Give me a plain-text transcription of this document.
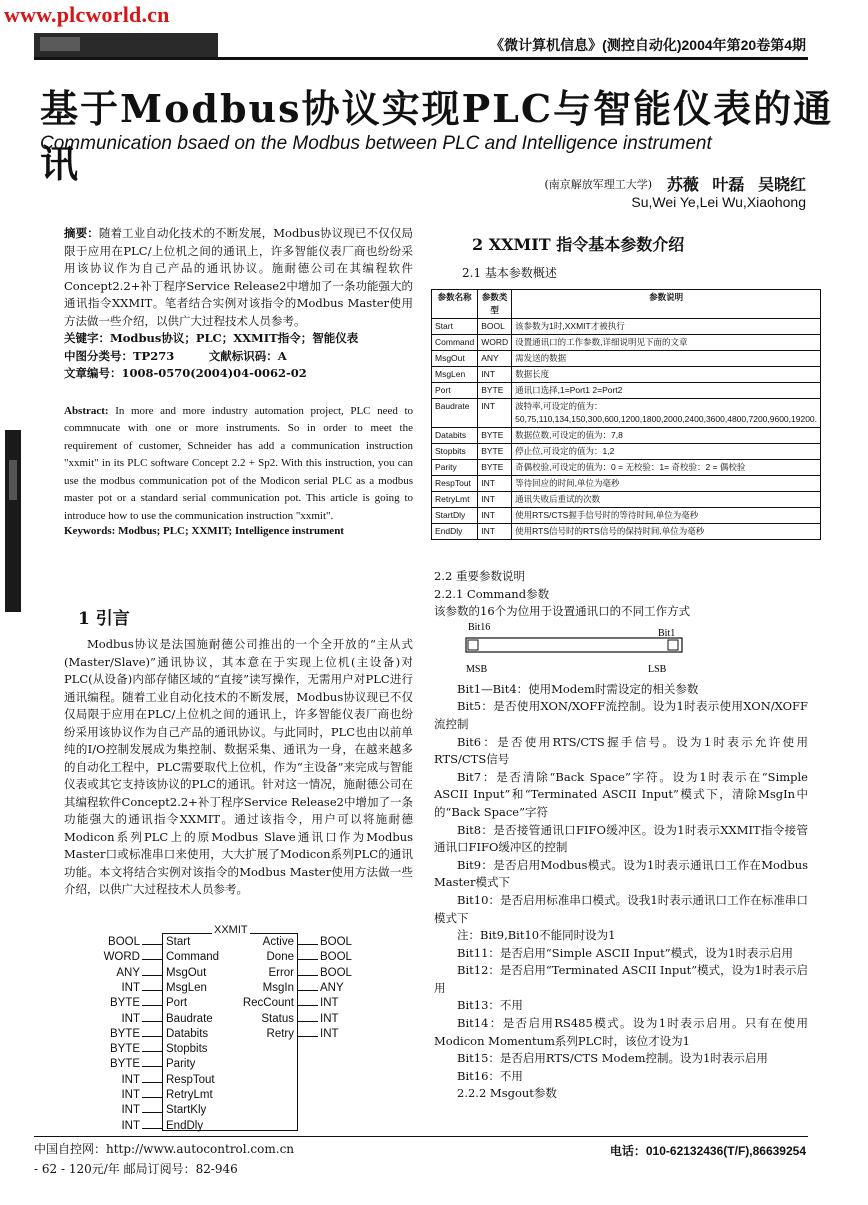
www.plcworld.cn
《微计算机信息》(测控自动化)2004年第20卷第4期
基于Modbus协议实现PLC与智能仪表的通讯
Communication bsaed on the Modbus between PLC and Intelligence instrument
(南京解放军理工大学) 苏薇 叶磊 吴晓红
Su,Wei Ye,Lei Wu,Xiaohong

摘要：随着工业自动化技术的不断发展，Modbus协议现已不仅仅局限于应用在PLC/上位机之间的通讯上，许多智能仪表厂商也纷纷采用该协议作为自己产品的通讯协议。施耐德公司在其编程软件Concept2.2+补丁程序Service Release2中增加了一条功能强大的通讯指令XXMIT。笔者结合实例对该指令的Modbus Master使用方法做一些介绍，以供广大过程技术人员参考。

关键字：Modbus协议；PLC；XXMIT指令；智能仪表

中图分类号：TP273　　　文献标识码：A

文章编号：1008-0570(2004)04-0062-02

Abstract: In more and more industry automation project, PLC need to commnucate with one or more instruments. So in order to meet the requirement of customer, Schneider has add a communication instruction "xxmit" in its PLC software Concept 2.2 + Sp2. With this instruction, you can use the modbus communication pot of the Modicon serial PLC as a modbus master pot or a standard serial communication pot. This article is going to introduce how to use the communication instruction "xxmit".

Keywords: Modbus; PLC; XXMIT; Intelligence instrument

1 引言

Modbus协议是法国施耐德公司推出的一个全开放的“主从式(Master/Slave)”通讯协议，其本意在于实现上位机(主设备)对PLC(从设备)内部存储区域的“直接”读写操作，无需用户对PLC进行通讯编程。随着工业自动化技术的不断发展，Modbus协议现已不仅仅局限于应用在PLC/上位机之间的通讯上，许多智能仪表厂商也纷纷采用该协议作为自己产品的通讯协议。与此同时，PLC也由以前单纯的I/O控制发展成为集控制、数据采集、通讯为一身，在越来越多的自动化工程中，PLC需要取代上位机，作为“主设备”来完成与智能仪表或其它支持该协议的PLC的通讯。针对这一情况，施耐德公司在其编程软件Concept2.2+补丁程序Service Release2中增加了一条功能强大的通讯指令XXMIT。通过该指令，用户可以将施耐德Modicon系列PLC上的原Modbus Slave通讯口作为Modbus Master口或标准串口来使用，大大扩展了Modicon系列PLC的通讯功能。本文将结合实例对该指令的Modbus Master使用方法做一些介绍，以供广大过程技术人员参考。

XXMIT
BOOL Start
WORD Command
ANY MsgOut
INT MsgLen
BYTE Port
INT Baudrate
BYTE Databits
BYTE Stopbits
BYTE Parity
INT RespTout
INT RetryLmt
INT StartKly
INT EndDly
Active BOOL
Done BOOL
Error BOOL
MsgIn ANY
RecCount INT
Status INT
Retry INT
2 XXMIT 指令基本参数介绍
2.1 基本参数概述
参数名称	参数类型	参数说明
Start	BOOL	该参数为1时,XXMIT才被执行
Command	WORD	设置通讯口的工作参数,详细说明见下面的文章
MsgOut	ANY	需发送的数据
MsgLen	INT	数据长度
Port	BYTE	通讯口选择,1=Port1 2=Port2
Baudrate	INT	波特率,可设定的值为：50,75,110,134,150,300,600,1200,1800,2000,2400,3600,4800,7200,9600,19200.
Databits	BYTE	数据位数,可设定的值为：7,8
Stopbits	BYTE	停止位,可设定的值为：1,2
Parity	BYTE	奇偶校验,可设定的值为：0 = 无校验：1= 奇校验：2 = 偶校验
RespTout	INT	等待回应的时间,单位为毫秒
RetryLmt	INT	通讯失败后重试的次数
StartDly	INT	使用RTS/CTS握手信号时的等待时间,单位为毫秒
EndDly	INT	使用RTS信号时的RTS信号的保持时间,单位为毫秒

2.2 重要参数说明

2.2.1 Command参数

该参数的16个为位用于设置通讯口的不同工作方式

Bit1—Bit4：使用Modem时需设定的相关参数

Bit5：是否使用XON/XOFF流控制。设为1时表示使用XON/XOFF流控制

Bit6：是否使用RTS/CTS握手信号。设为1时表示允许使用RTS/CTS信号

Bit7：是否清除“Back Space”字符。设为1时表示在“Simple ASCII Input”和“Terminated ASCII Input”模式下，清除MsgIn中的“Back Space”字符

Bit8：是否接管通讯口FIFO缓冲区。设为1时表示XXMIT指令接管通讯口FIFO缓冲区的控制

Bit9：是否启用Modbus模式。设为1时表示通讯口工作在Modbus Master模式下

Bit10：是否启用标准串口模式。设我1时表示通讯口工作在标准串口模式下

注：Bit9,Bit10不能同时设为1

Bit11：是否启用“Simple ASCII Input”模式，设为1时表示启用

Bit12：是否启用“Terminated ASCII Input”模式，设为1时表示启用

Bit13：不用

Bit14：是否启用RS485模式。设为1时表示启用。只有在使用Modicon Momentum系列PLC时，该位才设为1

Bit15：是否启用RTS/CTS Modem控制。设为1时表示启用

Bit16：不用

2.2.2 Msgout参数

Bit16
Bit1
MSB	LSB
中国自控网：http://www.autocontrol.com.cn
- 62 - 120元/年 邮局订阅号：82-946
电话：010-62132436(T/F),86639254
